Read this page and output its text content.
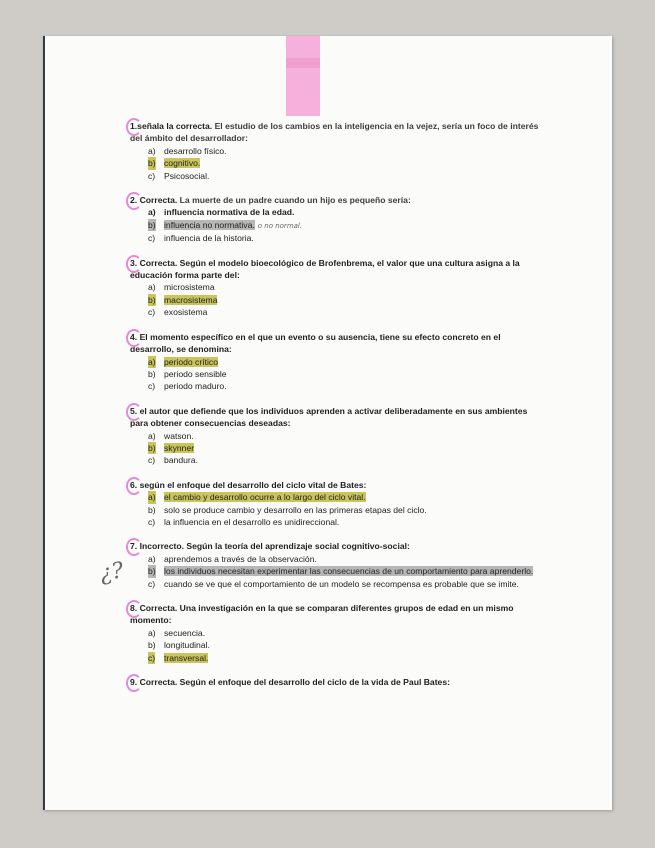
¿?
1.señala la correcta. El estudio de los cambios en la inteligencia en la vejez, sería un foco de interés del ámbito del desarrollador:
a) desarrollo físico.
b) cognitivo.
c) Psicosocial.
2. Correcta. La muerte de un padre cuando un hijo es pequeño sería:
a) influencia normativa de la edad.
b) influencia no normativa. o no normal.
c) influencia de la historia.
3. Correcta. Según el modelo bioecológico de Brofenbrema, el valor que una cultura asigna a la educación forma parte del:
a) microsistema
b) macrosistema
c) exosistema
4. El momento específico en el que un evento o su ausencia, tiene su efecto concreto en el desarrollo, se denomina:
a) periodo crítico
b) periodo sensible
c) periodo maduro.
5. el autor que defiende que los individuos aprenden a activar deliberadamente en sus ambientes para obtener consecuencias deseadas:
a) watson.
b) skynner
c) bandura.
6. según el enfoque del desarrollo del ciclo vital de Bates:
a) el cambio y desarrollo ocurre a lo largo del ciclo vital.
b) solo se produce cambio y desarrollo en las primeras etapas del ciclo.
c) la influencia en el desarrollo es unidireccional.
7. Incorrecto. Según la teoría del aprendizaje social cognitivo-social:
a) aprendemos a través de la observación.
b) los individuos necesitan experimentar las consecuencias de un comportamiento para aprenderlo.
c) cuando se ve que el comportamiento de un modelo se recompensa es probable que se imite.
8. Correcta. Una investigación en la que se comparan diferentes grupos de edad en un mismo momento:
a) secuencia.
b) longitudinal.
c) transversal.
9. Correcta. Según el enfoque del desarrollo del ciclo de la vida de Paul Bates:
